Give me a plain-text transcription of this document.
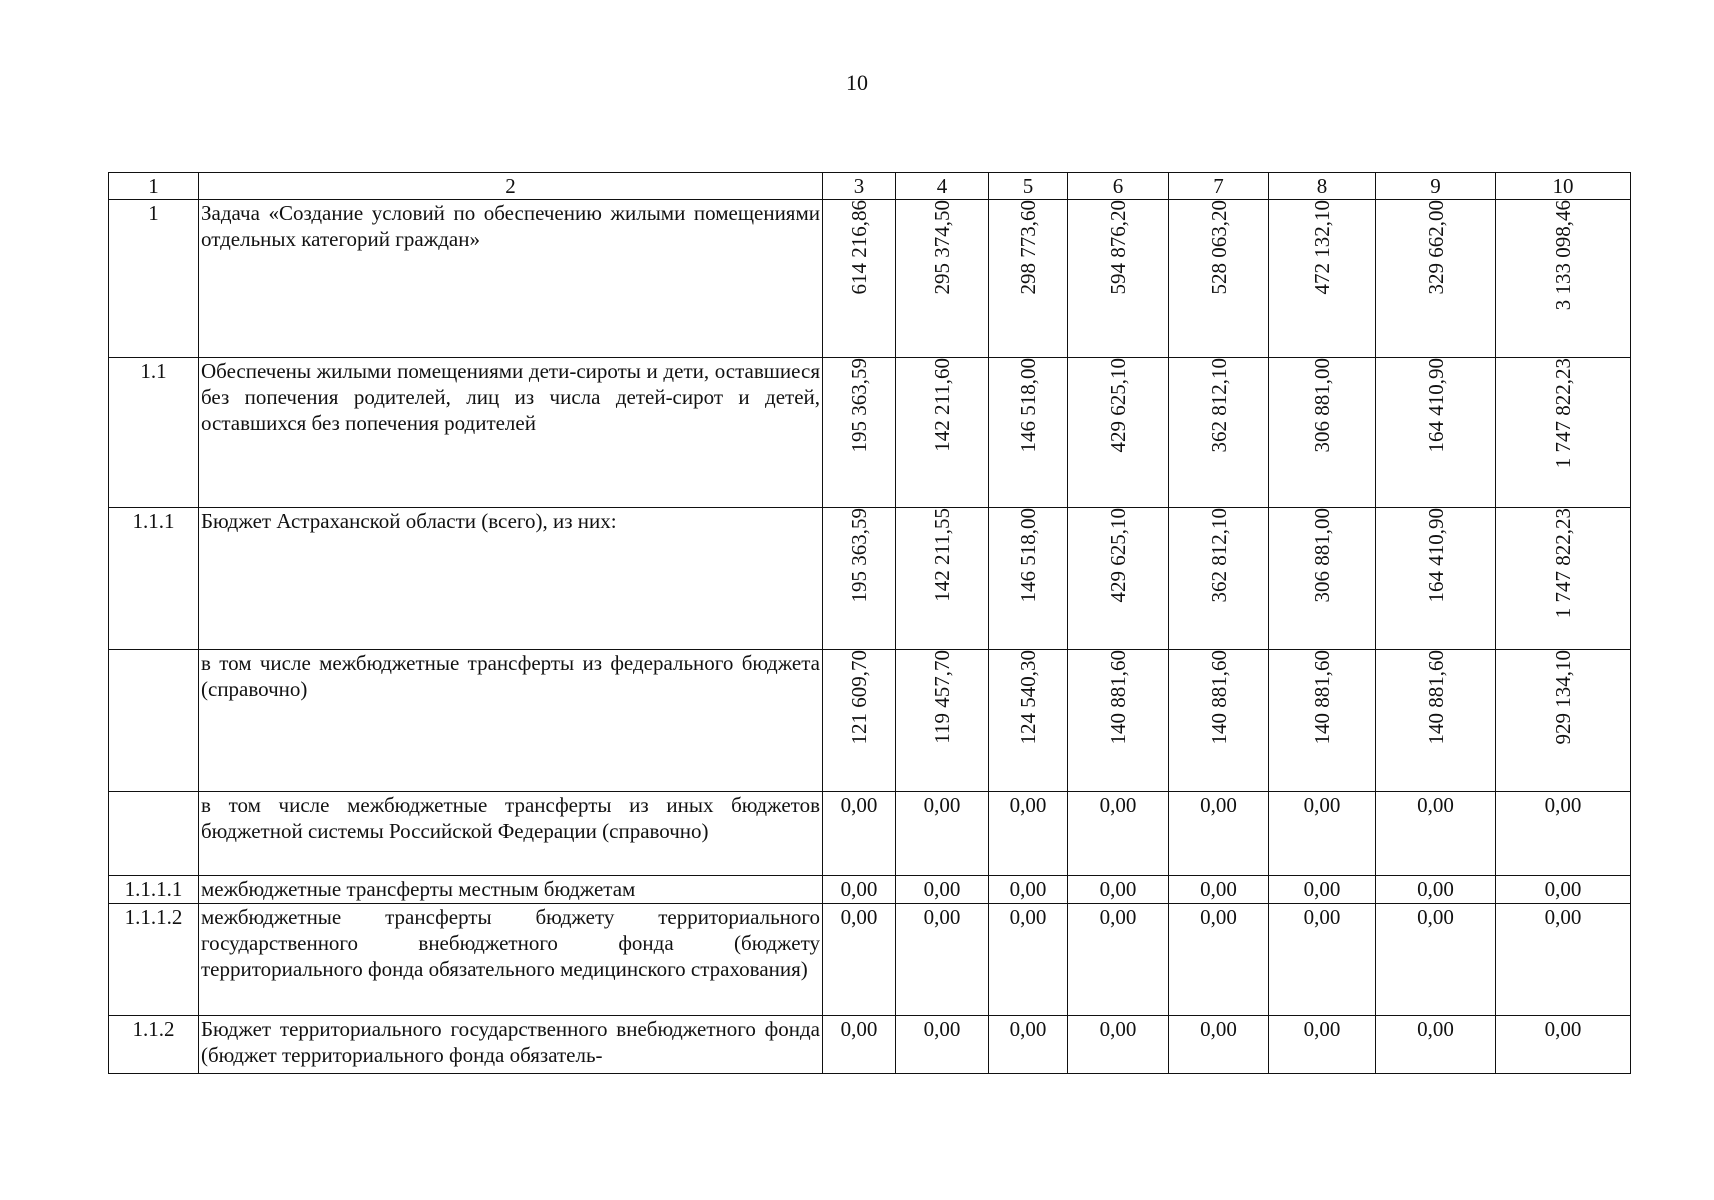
10
1	2	3	4	5	6	7	8	9	10
1	Задача «Создание условий по обеспечению жилыми помещениями отдельных категорий граждан»	614 216,86	295 374,50	298 773,60	594 876,20	528 063,20	472 132,10	329 662,00	3 133 098,46

1.1	Обеспечены жилыми помещениями дети-сироты и дети, оставшиеся без попечения родителей, лиц из числа детей-сирот и детей, оставшихся без попечения родителей	195 363,59	142 211,60	146 518,00	429 625,10	362 812,10	306 881,00	164 410,90	1 747 822,23

1.1.1	Бюджет Астраханской области (всего), из них:	195 363,59	142 211,55	146 518,00	429 625,10	362 812,10	306 881,00	164 410,90	1 747 822,23

	в том числе межбюджетные трансферты из федерального бюджета (справочно)	121 609,70	119 457,70	124 540,30	140 881,60	140 881,60	140 881,60	140 881,60	929 134,10

	в том числе межбюджетные трансферты из иных бюджетов бюджетной системы Российской Федерации (справочно)	0,00	0,00	0,00	0,00	0,00	0,00	0,00	0,00
1.1.1.1	межбюджетные трансферты местным бюджетам	0,00	0,00	0,00	0,00	0,00	0,00	0,00	0,00
1.1.1.2	межбюджетные трансферты бюджету территориального государственного внебюджетного фонда (бюджету территориального фонда обязательного медицинского страхования)	0,00	0,00	0,00	0,00	0,00	0,00	0,00	0,00
1.1.2	Бюджет территориального государственного внебюджетного фонда (бюджет территориального фонда обязатель-	0,00	0,00	0,00	0,00	0,00	0,00	0,00	0,00
